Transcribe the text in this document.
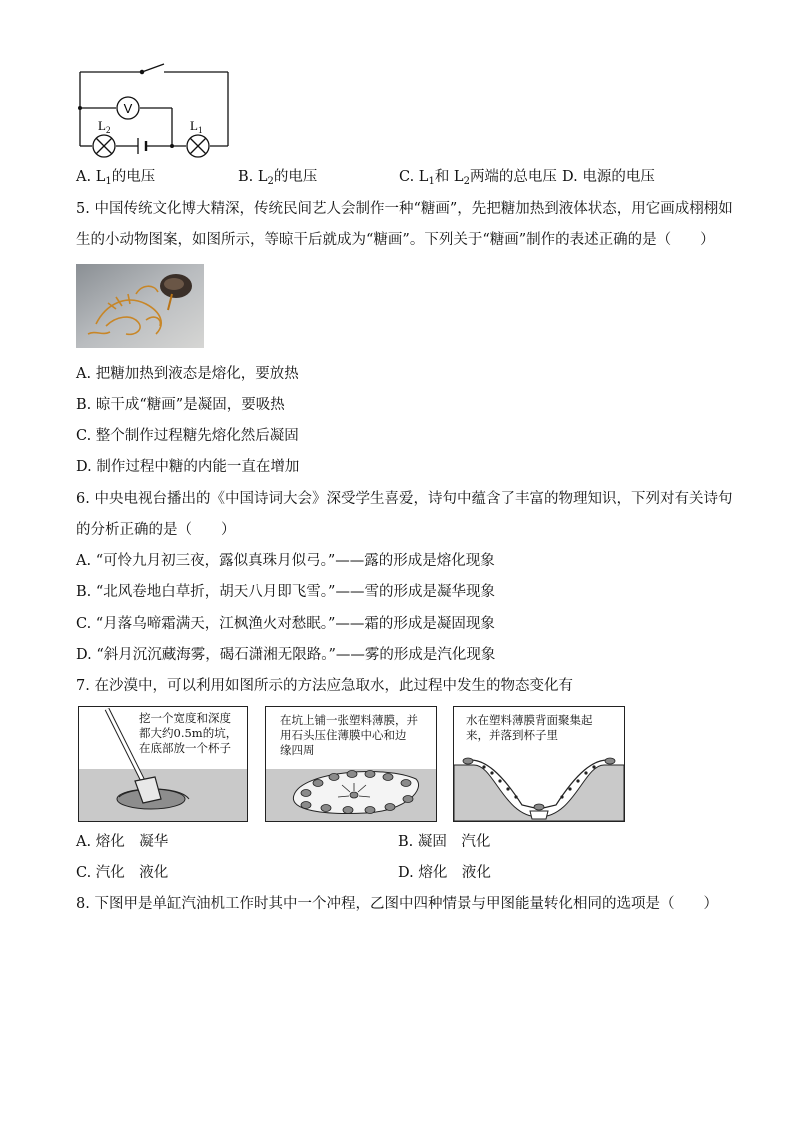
V
$L_2$	$L_1$
A. $L_1$的电压	B. $L_2$的电压	C. $L_1$和 $L_2$两端的总电压 D. 电源的电压
5. 中国传统文化博大精深，传统民间艺人会制作一种“糖画”，先把糖加热到液体状态，用它画成栩栩如
生的小动物图案，如图所示，等晾干后就成为“糖画”。下列关于“糖画”制作的表述正确的是（　　）
A. 把糖加热到液态是熔化，要放热
B. 晾干成“糖画”是凝固，要吸热
C. 整个制作过程糖先熔化然后凝固
D. 制作过程中糖的内能一直在增加
6. 中央电视台播出的《中国诗词大会》深受学生喜爱，诗句中蕴含了丰富的物理知识，下列对有关诗句
的分析正确的是（　　）
A. “可怜九月初三夜，露似真珠月似弓。”——露的形成是熔化现象
B. “北风卷地白草折，胡天八月即飞雪。”——雪的形成是凝华现象
C. “月落乌啼霜满天，江枫渔火对愁眠。”——霜的形成是凝固现象
D. “斜月沉沉藏海雾，碣石潇湘无限路。”——雾的形成是汽化现象
7. 在沙漠中，可以利用如图所示的方法应急取水，此过程中发生的物态变化有
挖一个宽度和深度
都大约0.5m的坑，
在底部放一个杯子
在坑上铺一张塑料薄膜，并
用石头压住薄膜中心和边
缘四周
水在塑料薄膜背面聚集起
来，并落到杯子里
A. 熔化　凝华	B. 凝固　汽化
C. 汽化　液化	D. 熔化　液化
8. 下图甲是单缸汽油机工作时其中一个冲程，乙图中四种情景与甲图能量转化相同的选项是（　　）
